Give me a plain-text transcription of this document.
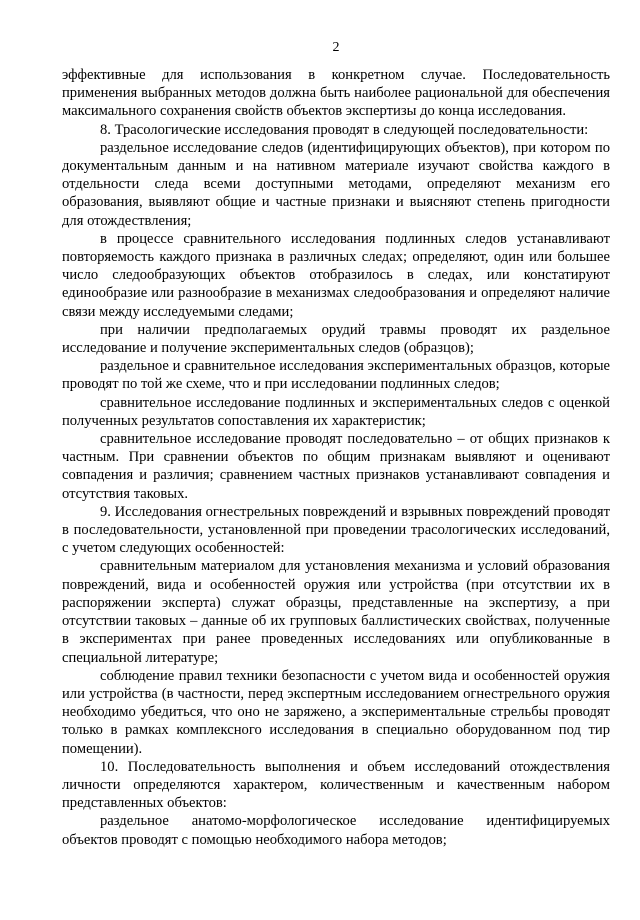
2

эффективные для использования в конкретном случае. Последовательность применения выбранных методов должна быть наиболее рациональной для обеспечения максимального сохранения свойств объектов экспертизы до конца исследования.

8. Трасологические исследования проводят в следующей последовательности:

раздельное исследование следов (идентифицирующих объектов), при котором по документальным данным и на нативном материале изучают свойства каждого в отдельности следа всеми доступными методами, определяют механизм его образования, выявляют общие и частные признаки и выясняют степень пригодности для отождествления;

в процессе сравнительного исследования подлинных следов устанавливают повторяемость каждого признака в различных следах; определяют, один или большее число следообразующих объектов отобразилось в следах, или констатируют единообразие или разнообразие в механизмах следообразования и определяют наличие связи между исследуемыми следами;

при наличии предполагаемых орудий травмы проводят их раздельное исследование и получение экспериментальных следов (образцов);

раздельное и сравнительное исследования экспериментальных образцов, которые проводят по той же схеме, что и при исследовании подлинных следов;

сравнительное исследование подлинных и экспериментальных следов с оценкой полученных результатов сопоставления их характеристик;

сравнительное исследование проводят последовательно – от общих признаков к частным. При сравнении объектов по общим признакам выявляют и оценивают совпадения и различия; сравнением частных признаков устанавливают совпадения и отсутствия таковых.

9. Исследования огнестрельных повреждений и взрывных повреждений проводят в последовательности, установленной при проведении трасологических исследований, с учетом следующих особенностей:

сравнительным материалом для установления механизма и условий образования повреждений, вида и особенностей оружия или устройства (при отсутствии их в распоряжении эксперта) служат образцы, представленные на экспертизу, а при отсутствии таковых – данные об их групповых баллистических свойствах, полученные в экспериментах при ранее проведенных исследованиях или опубликованные в специальной литературе;

соблюдение правил техники безопасности с учетом вида и особенностей оружия или устройства (в частности, перед экспертным исследованием огнестрельного оружия необходимо убедиться, что оно не заряжено, а экспериментальные стрельбы проводят только в рамках комплексного исследования в специально оборудованном под тир помещении).

10. Последовательность выполнения и объем исследований отождествления личности определяются характером, количественным и качественным набором представленных объектов:

раздельное анатомо-морфологическое исследование идентифицируемых объектов проводят с помощью необходимого набора методов;
